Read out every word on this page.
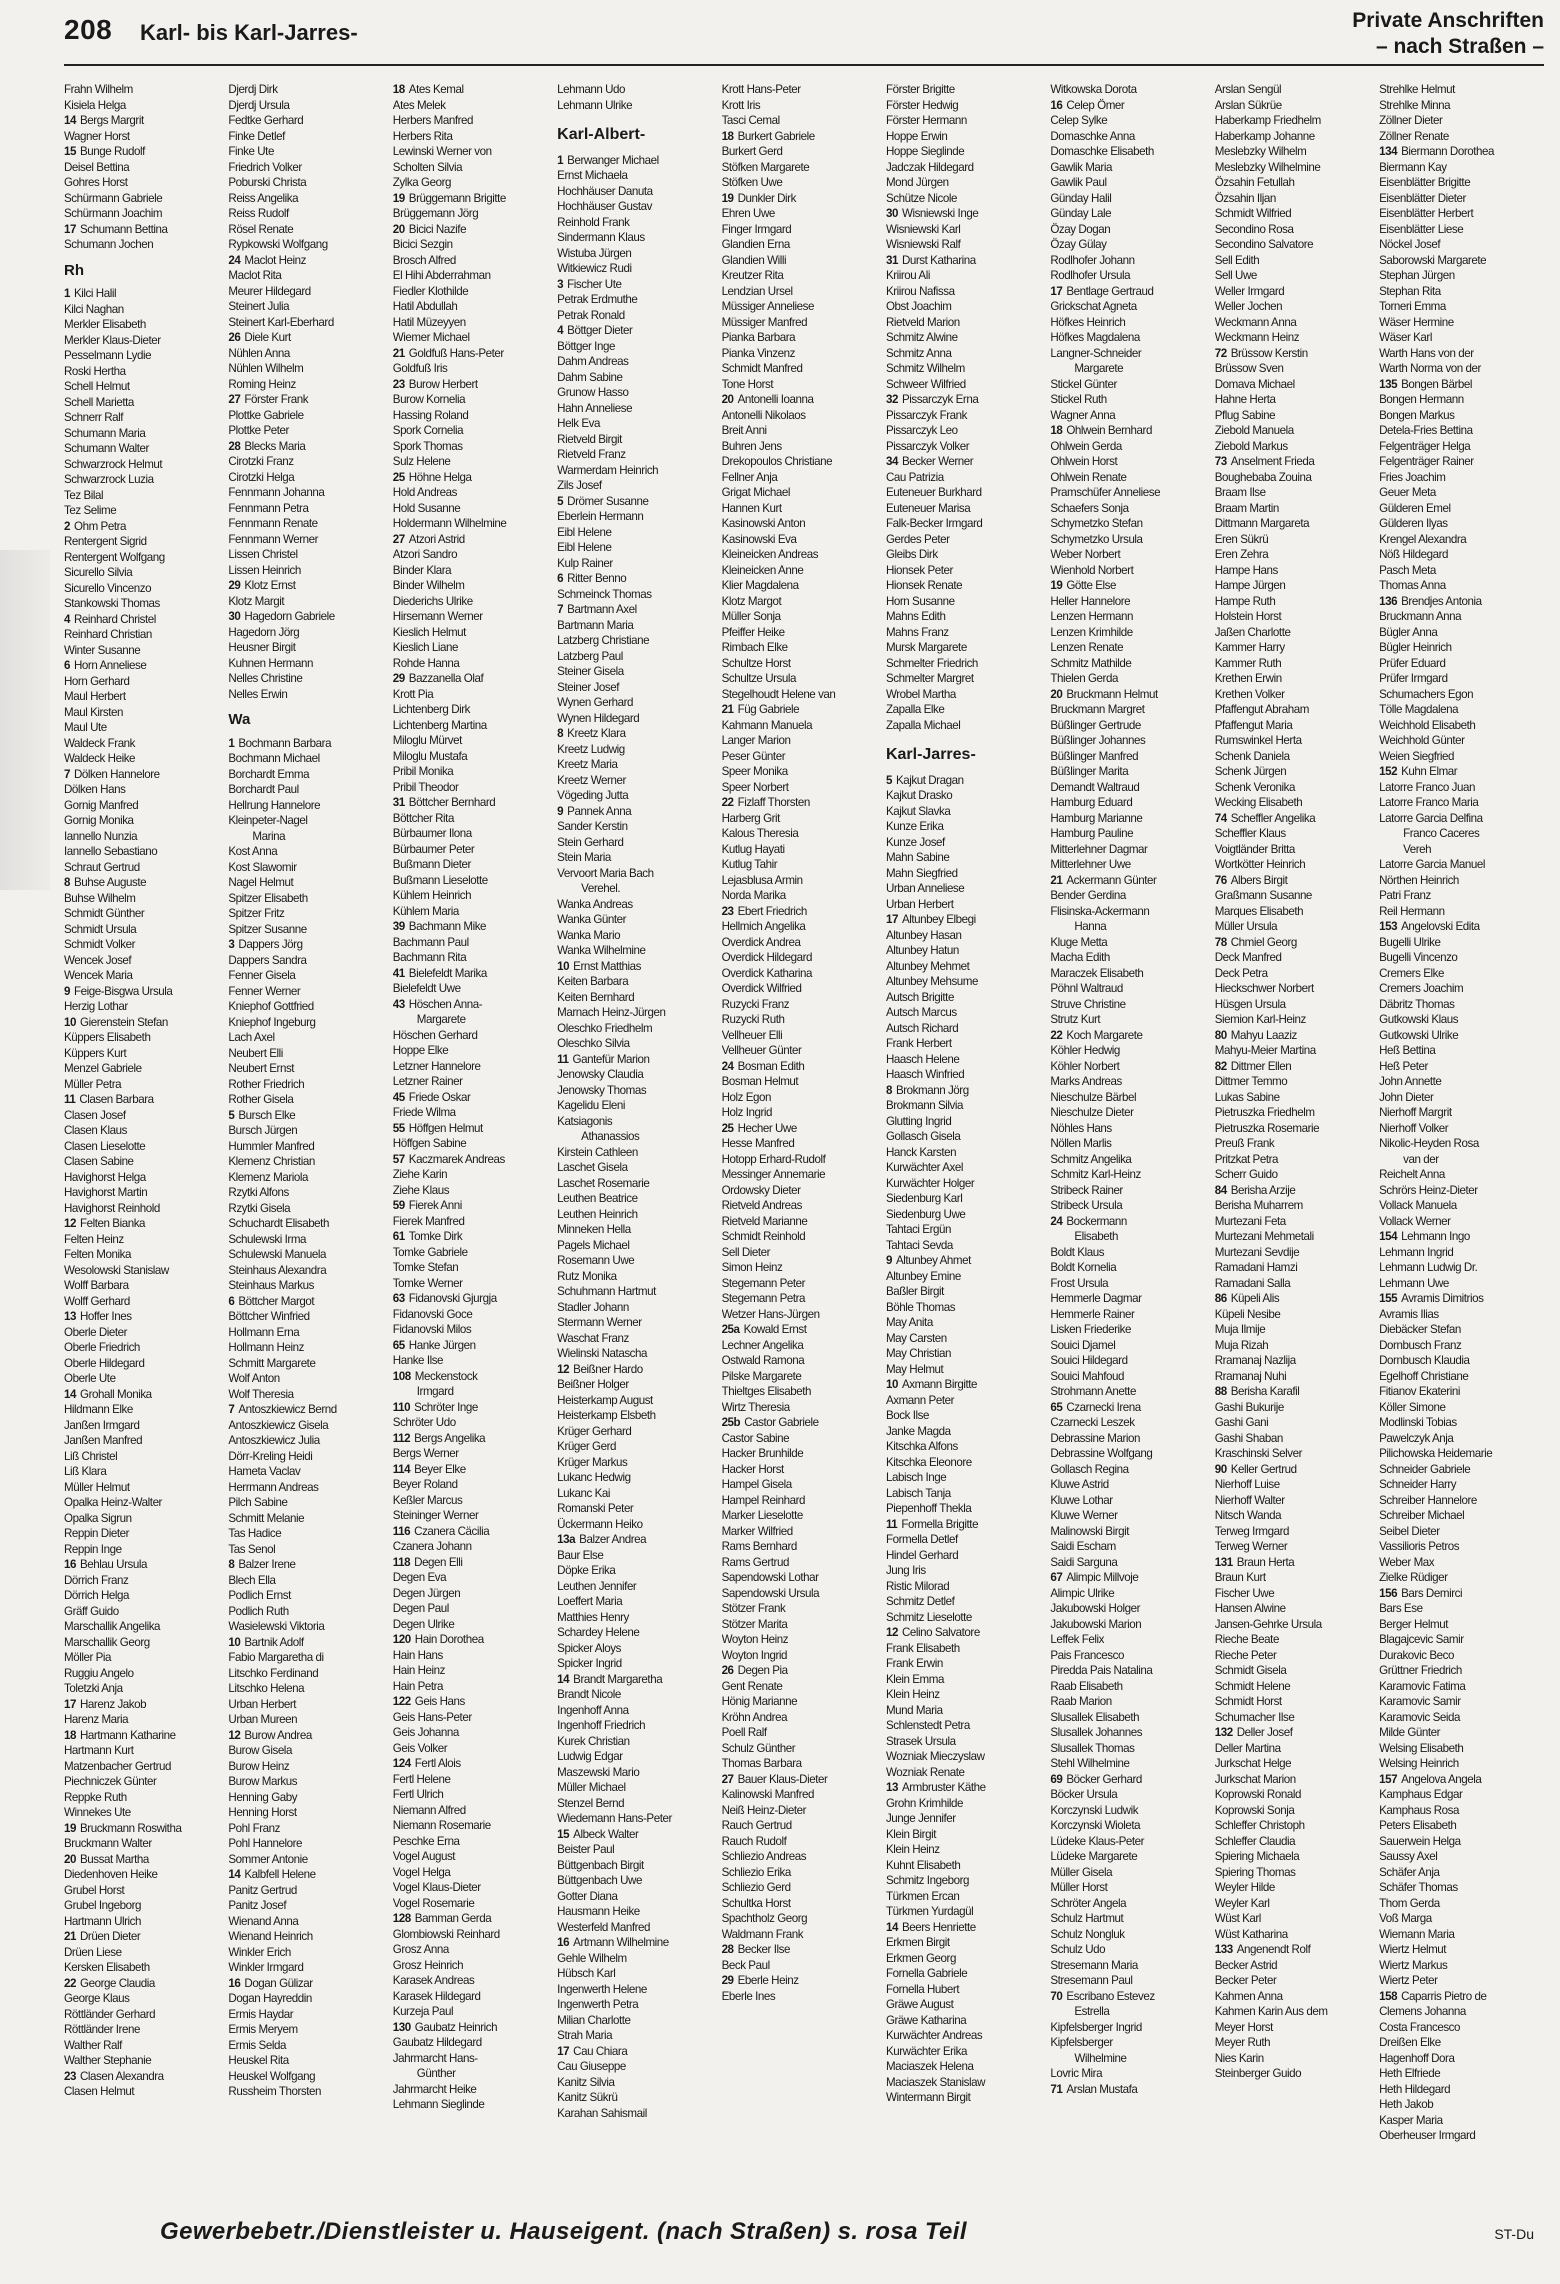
208 Karl- bis Karl-Jarres-	Private Anschriften
– nach Straßen –
Frahn Wilhelm
Kisiela Helga
14 Bergs Margrit
Wagner Horst
15 Bunge Rudolf
Deisel Bettina
Gohres Horst
Schürmann Gabriele
Schürmann Joachim
17 Schumann Bettina
Schumann Jochen
Rh
1 Kilci Halil
Kilci Naghan
Merkler Elisabeth
Merkler Klaus-Dieter
Pesselmann Lydie
Roski Hertha
Schell Helmut
Schell Marietta
Schnerr Ralf
Schumann Maria
Schumann Walter
Schwarzrock Helmut
Schwarzrock Luzia
Tez Bilal
Tez Selime
2 Ohm Petra
Rentergent Sigrid
Rentergent Wolfgang
Sicurello Silvia
Sicurello Vincenzo
Stankowski Thomas
4 Reinhard Christel
Reinhard Christian
Winter Susanne
6 Horn Anneliese
Horn Gerhard
Maul Herbert
Maul Kirsten
Maul Ute
Waldeck Frank
Waldeck Heike
7 Dölken Hannelore
Dölken Hans
Gornig Manfred
Gornig Monika
Iannello Nunzia
Iannello Sebastiano
Schraut Gertrud
8 Buhse Auguste
Buhse Wilhelm
Schmidt Günther
Schmidt Ursula
Schmidt Volker
Wencek Josef
Wencek Maria
9 Feige-Bisgwa Ursula
Herzig Lothar
10 Gierenstein Stefan
Küppers Elisabeth
Küppers Kurt
Menzel Gabriele
Müller Petra
11 Clasen Barbara
Clasen Josef
Clasen Klaus
Clasen Lieselotte
Clasen Sabine
Havighorst Helga
Havighorst Martin
Havighorst Reinhold
12 Felten Bianka
Felten Heinz
Felten Monika
Wesolowski Stanislaw
Wolff Barbara
Wolff Gerhard
13 Hoffer Ines
Oberle Dieter
Oberle Friedrich
Oberle Hildegard
Oberle Ute
14 Grohall Monika
Hildmann Elke
Janßen Irmgard
Janßen Manfred
Liß Christel
Liß Klara
Müller Helmut
Opalka Heinz-Walter
Opalka Sigrun
Reppin Dieter
Reppin Inge
16 Behlau Ursula
Dörrich Franz
Dörrich Helga
Gräff Guido
Marschallik Angelika
Marschallik Georg
Möller Pia
Ruggiu Angelo
Toletzki Anja
17 Harenz Jakob
Harenz Maria
18 Hartmann Katharine
Hartmann Kurt
Matzenbacher Gertrud
Piechniczek Günter
Reppke Ruth
Winnekes Ute
19 Bruckmann Roswitha
Bruckmann Walter
20 Bussat Martha
Diedenhoven Heike
Grubel Horst
Grubel Ingeborg
Hartmann Ulrich
21 Drüen Dieter
Drüen Liese
Kersken Elisabeth
22 George Claudia
George Klaus
Röttländer Gerhard
Röttländer Irene
Walther Ralf
Walther Stephanie
23 Clasen Alexandra
Clasen Helmut
Djerdj Dirk
Djerdj Ursula
Fedtke Gerhard
Finke Detlef
Finke Ute
Friedrich Volker
Poburski Christa
Reiss Angelika
Reiss Rudolf
Rösel Renate
Rypkowski Wolfgang
24 Maclot Heinz
Maclot Rita
Meurer Hildegard
Steinert Julia
Steinert Karl-Eberhard
26 Diele Kurt
Nühlen Anna
Nühlen Wilhelm
Roming Heinz
27 Förster Frank
Plottke Gabriele
Plottke Peter
28 Blecks Maria
Cirotzki Franz
Cirotzki Helga
Fennmann Johanna
Fennmann Petra
Fennmann Renate
Fennmann Werner
Lissen Christel
Lissen Heinrich
29 Klotz Ernst
Klotz Margit
30 Hagedorn Gabriele
Hagedorn Jörg
Heusner Birgit
Kuhnen Hermann
Nelles Christine
Nelles Erwin
Wa
1 Bochmann Barbara
Bochmann Michael
Borchardt Emma
Borchardt Paul
Hellrung Hannelore
Kleinpeter-Nagel
Marina
Kost Anna
Kost Slawomir
Nagel Helmut
Spitzer Elisabeth
Spitzer Fritz
Spitzer Susanne
3 Dappers Jörg
Dappers Sandra
Fenner Gisela
Fenner Werner
Kniephof Gottfried
Kniephof Ingeburg
Lach Axel
Neubert Elli
Neubert Ernst
Rother Friedrich
Rother Gisela
5 Bursch Elke
Bursch Jürgen
Hummler Manfred
Klemenz Christian
Klemenz Mariola
Rzytki Alfons
Rzytki Gisela
Schuchardt Elisabeth
Schulewski Irma
Schulewski Manuela
Steinhaus Alexandra
Steinhaus Markus
6 Böttcher Margot
Böttcher Winfried
Hollmann Erna
Hollmann Heinz
Schmitt Margarete
Wolf Anton
Wolf Theresia
7 Antoszkiewicz Bernd
Antoszkiewicz Gisela
Antoszkiewicz Julia
Dörr-Kreling Heidi
Hameta Vaclav
Herrmann Andreas
Pilch Sabine
Schmitt Melanie
Tas Hadice
Tas Senol
8 Balzer Irene
Blech Ella
Podlich Ernst
Podlich Ruth
Wasielewski Viktoria
10 Bartnik Adolf
Fabio Margaretha di
Litschko Ferdinand
Litschko Helena
Urban Herbert
Urban Mureen
12 Burow Andrea
Burow Gisela
Burow Heinz
Burow Markus
Henning Gaby
Henning Horst
Pohl Franz
Pohl Hannelore
Sommer Antonie
14 Kalbfell Helene
Panitz Gertrud
Panitz Josef
Wienand Anna
Wienand Heinrich
Winkler Erich
Winkler Irmgard
16 Dogan Gülizar
Dogan Hayreddin
Ermis Haydar
Ermis Meryem
Ermis Selda
Heuskel Rita
Heuskel Wolfgang
Russheim Thorsten
18 Ates Kemal
Ates Melek
Herbers Manfred
Herbers Rita
Lewinski Werner von
Scholten Silvia
Zylka Georg
19 Brüggemann Brigitte
Brüggemann Jörg
20 Bicici Nazife
Bicici Sezgin
Brosch Alfred
El Hihi Abderrahman
Fiedler Klothilde
Hatil Abdullah
Hatil Müzeyyen
Wiemer Michael
21 Goldfuß Hans-Peter
Goldfuß Iris
23 Burow Herbert
Burow Kornelia
Hassing Roland
Spork Cornelia
Spork Thomas
Sulz Helene
25 Höhne Helga
Hold Andreas
Hold Susanne
Holdermann Wilhelmine
27 Atzori Astrid
Atzori Sandro
Binder Klara
Binder Wilhelm
Diederichs Ulrike
Hirsemann Werner
Kieslich Helmut
Kieslich Liane
Rohde Hanna
29 Bazzanella Olaf
Krott Pia
Lichtenberg Dirk
Lichtenberg Martina
Miloglu Mürvet
Miloglu Mustafa
Pribil Monika
Pribil Theodor
31 Böttcher Bernhard
Böttcher Rita
Bürbaumer Ilona
Bürbaumer Peter
Bußmann Dieter
Bußmann Lieselotte
Kühlem Heinrich
Kühlem Maria
39 Bachmann Mike
Bachmann Paul
Bachmann Rita
41 Bielefeldt Marika
Bielefeldt Uwe
43 Höschen Anna-
Margarete
Höschen Gerhard
Hoppe Elke
Letzner Hannelore
Letzner Rainer
45 Friede Oskar
Friede Wilma
55 Höffgen Helmut
Höffgen Sabine
57 Kaczmarek Andreas
Ziehe Karin
Ziehe Klaus
59 Fierek Anni
Fierek Manfred
61 Tomke Dirk
Tomke Gabriele
Tomke Stefan
Tomke Werner
63 Fidanovski Gjurgja
Fidanovski Goce
Fidanovski Milos
65 Hanke Jürgen
Hanke Ilse
108 Meckenstock
Irmgard
110 Schröter Inge
Schröter Udo
112 Bergs Angelika
Bergs Werner
114 Beyer Elke
Beyer Roland
Keßler Marcus
Steininger Werner
116 Czanera Cäcilia
Czanera Johann
118 Degen Elli
Degen Eva
Degen Jürgen
Degen Paul
Degen Ulrike
120 Hain Dorothea
Hain Hans
Hain Heinz
Hain Petra
122 Geis Hans
Geis Hans-Peter
Geis Johanna
Geis Volker
124 Fertl Alois
Fertl Helene
Fertl Ulrich
Niemann Alfred
Niemann Rosemarie
Peschke Erna
Vogel August
Vogel Helga
Vogel Klaus-Dieter
Vogel Rosemarie
128 Bamman Gerda
Glombiowski Reinhard
Grosz Anna
Grosz Heinrich
Karasek Andreas
Karasek Hildegard
Kurzeja Paul
130 Gaubatz Heinrich
Gaubatz Hildegard
Jahrmarcht Hans-
Günther
Jahrmarcht Heike
Lehmann Sieglinde
Lehmann Udo
Lehmann Ulrike
Karl-Albert-
1 Berwanger Michael
Ernst Michaela
Hochhäuser Danuta
Hochhäuser Gustav
Reinhold Frank
Sindermann Klaus
Wistuba Jürgen
Witkiewicz Rudi
3 Fischer Ute
Petrak Erdmuthe
Petrak Ronald
4 Böttger Dieter
Böttger Inge
Dahm Andreas
Dahm Sabine
Grunow Hasso
Hahn Anneliese
Helk Eva
Rietveld Birgit
Rietveld Franz
Warmerdam Heinrich
Zils Josef
5 Drömer Susanne
Eberlein Hermann
Eibl Helene
Eibl Helene
Kulp Rainer
6 Ritter Benno
Schmeinck Thomas
7 Bartmann Axel
Bartmann Maria
Latzberg Christiane
Latzberg Paul
Steiner Gisela
Steiner Josef
Wynen Gerhard
Wynen Hildegard
8 Kreetz Klara
Kreetz Ludwig
Kreetz Maria
Kreetz Werner
Vögeding Jutta
9 Pannek Anna
Sander Kerstin
Stein Gerhard
Stein Maria
Vervoort Maria Bach
Verehel.
Wanka Andreas
Wanka Günter
Wanka Mario
Wanka Wilhelmine
10 Ernst Matthias
Keiten Barbara
Keiten Bernhard
Marnach Heinz-Jürgen
Oleschko Friedhelm
Oleschko Silvia
11 Gantefür Marion
Jenowsky Claudia
Jenowsky Thomas
Kagelidu Eleni
Katsiagonis
Athanassios
Kirstein Cathleen
Laschet Gisela
Laschet Rosemarie
Leuthen Beatrice
Leuthen Heinrich
Minneken Hella
Pagels Michael
Rosemann Uwe
Rutz Monika
Schuhmann Hartmut
Stadler Johann
Stermann Werner
Waschat Franz
Wielinski Natascha
12 Beißner Hardo
Beißner Holger
Heisterkamp August
Heisterkamp Elsbeth
Krüger Gerhard
Krüger Gerd
Krüger Markus
Lukanc Hedwig
Lukanc Kai
Romanski Peter
Ückermann Heiko
13a Balzer Andrea
Baur Else
Döpke Erika
Leuthen Jennifer
Loeffert Maria
Matthies Henry
Schardey Helene
Spicker Aloys
Spicker Ingrid
14 Brandt Margaretha
Brandt Nicole
Ingenhoff Anna
Ingenhoff Friedrich
Kurek Christian
Ludwig Edgar
Maszewski Mario
Müller Michael
Stenzel Bernd
Wiedemann Hans-Peter
15 Albeck Walter
Beister Paul
Büttgenbach Birgit
Büttgenbach Uwe
Gotter Diana
Hausmann Heike
Westerfeld Manfred
16 Artmann Wilhelmine
Gehle Wilhelm
Hübsch Karl
Ingenwerth Helene
Ingenwerth Petra
Milian Charlotte
Strah Maria
17 Cau Chiara
Cau Giuseppe
Kanitz Silvia
Kanitz Sükrü
Karahan Sahismail
Krott Hans-Peter
Krott Iris
Tasci Cemal
18 Burkert Gabriele
Burkert Gerd
Stöfken Margarete
Stöfken Uwe
19 Dunkler Dirk
Ehren Uwe
Finger Irmgard
Glandien Erna
Glandien Willi
Kreutzer Rita
Lendzian Ursel
Müssiger Anneliese
Müssiger Manfred
Pianka Barbara
Pianka Vinzenz
Schmidt Manfred
Tone Horst
20 Antonelli Ioanna
Antonelli Nikolaos
Breit Anni
Buhren Jens
Drekopoulos Christiane
Fellner Anja
Grigat Michael
Hannen Kurt
Kasinowski Anton
Kasinowski Eva
Kleineicken Andreas
Kleineicken Anne
Klier Magdalena
Klotz Margot
Müller Sonja
Pfeiffer Heike
Rimbach Elke
Schultze Horst
Schultze Ursula
Stegelhoudt Helene van
21 Füg Gabriele
Kahmann Manuela
Langer Marion
Peser Günter
Speer Monika
Speer Norbert
22 Fizlaff Thorsten
Harberg Grit
Kalous Theresia
Kutlug Hayati
Kutlug Tahir
Lejasblusa Armin
Norda Marika
23 Ebert Friedrich
Hellmich Angelika
Overdick Andrea
Overdick Hildegard
Overdick Katharina
Overdick Wilfried
Ruzycki Franz
Ruzycki Ruth
Vellheuer Elli
Vellheuer Günter
24 Bosman Edith
Bosman Helmut
Holz Egon
Holz Ingrid
25 Hecher Uwe
Hesse Manfred
Hotopp Erhard-Rudolf
Messinger Annemarie
Ordowsky Dieter
Rietveld Andreas
Rietveld Marianne
Schmidt Reinhold
Sell Dieter
Simon Heinz
Stegemann Peter
Stegemann Petra
Wetzer Hans-Jürgen
25a Kowald Ernst
Lechner Angelika
Ostwald Ramona
Pilske Margarete
Thieltges Elisabeth
Wirtz Theresia
25b Castor Gabriele
Castor Sabine
Hacker Brunhilde
Hacker Horst
Hampel Gisela
Hampel Reinhard
Marker Lieselotte
Marker Wilfried
Rams Bernhard
Rams Gertrud
Sapendowski Lothar
Sapendowski Ursula
Stötzer Frank
Stötzer Marita
Woyton Heinz
Woyton Ingrid
26 Degen Pia
Gent Renate
Hönig Marianne
Kröhn Andrea
Poell Ralf
Schulz Günther
Thomas Barbara
27 Bauer Klaus-Dieter
Kalinowski Manfred
Neiß Heinz-Dieter
Rauch Gertrud
Rauch Rudolf
Schliezio Andreas
Schliezio Erika
Schliezio Gerd
Schultka Horst
Spachtholz Georg
Waldmann Frank
28 Becker Ilse
Beck Paul
29 Eberle Heinz
Eberle Ines
Förster Brigitte
Förster Hedwig
Förster Hermann
Hoppe Erwin
Hoppe Sieglinde
Jadczak Hildegard
Mond Jürgen
Schütze Nicole
30 Wisniewski Inge
Wisniewski Karl
Wisniewski Ralf
31 Durst Katharina
Kriirou Ali
Kriirou Nafissa
Obst Joachim
Rietveld Marion
Schmitz Alwine
Schmitz Anna
Schmitz Wilhelm
Schweer Wilfried
32 Pissarczyk Erna
Pissarczyk Frank
Pissarczyk Leo
Pissarczyk Volker
34 Becker Werner
Cau Patrizia
Euteneuer Burkhard
Euteneuer Marisa
Falk-Becker Irmgard
Gerdes Peter
Gleibs Dirk
Hionsek Peter
Hionsek Renate
Horn Susanne
Mahns Edith
Mahns Franz
Mursk Margarete
Schmelter Friedrich
Schmelter Margret
Wrobel Martha
Zapalla Elke
Zapalla Michael
Karl-Jarres-
5 Kajkut Dragan
Kajkut Drasko
Kajkut Slavka
Kunze Erika
Kunze Josef
Mahn Sabine
Mahn Siegfried
Urban Anneliese
Urban Herbert
17 Altunbey Elbegi
Altunbey Hasan
Altunbey Hatun
Altunbey Mehmet
Altunbey Mehsume
Autsch Brigitte
Autsch Marcus
Autsch Richard
Frank Herbert
Haasch Helene
Haasch Winfried
8 Brokmann Jörg
Brokmann Silvia
Glutting Ingrid
Gollasch Gisela
Hanck Karsten
Kurwächter Axel
Kurwächter Holger
Siedenburg Karl
Siedenburg Uwe
Tahtaci Ergün
Tahtaci Sevda
9 Altunbey Ahmet
Altunbey Emine
Baßler Birgit
Böhle Thomas
May Anita
May Carsten
May Christian
May Helmut
10 Axmann Birgitte
Axmann Peter
Bock Ilse
Janke Magda
Kitschka Alfons
Kitschka Eleonore
Labisch Inge
Labisch Tanja
Piepenhoff Thekla
11 Formella Brigitte
Formella Detlef
Hindel Gerhard
Jung Iris
Ristic Milorad
Schmitz Detlef
Schmitz Lieselotte
12 Celino Salvatore
Frank Elisabeth
Frank Erwin
Klein Emma
Klein Heinz
Mund Maria
Schlenstedt Petra
Strasek Ursula
Wozniak Mieczyslaw
Wozniak Renate
13 Armbruster Käthe
Grohn Krimhilde
Junge Jennifer
Klein Birgit
Klein Heinz
Kuhnt Elisabeth
Schmitz Ingeborg
Türkmen Ercan
Türkmen Yurdagül
14 Beers Henriette
Erkmen Birgit
Erkmen Georg
Fornella Gabriele
Fornella Hubert
Gräwe August
Gräwe Katharina
Kurwächter Andreas
Kurwächter Erika
Maciaszek Helena
Maciaszek Stanislaw
Wintermann Birgit
Witkowska Dorota
16 Celep Ömer
Celep Sylke
Domaschke Anna
Domaschke Elisabeth
Gawlik Maria
Gawlik Paul
Günday Halil
Günday Lale
Özay Dogan
Özay Gülay
Rodlhofer Johann
Rodlhofer Ursula
17 Bentlage Gertraud
Grickschat Agneta
Höfkes Heinrich
Höfkes Magdalena
Langner-Schneider
Margarete
Stickel Günter
Stickel Ruth
Wagner Anna
18 Ohlwein Bernhard
Ohlwein Gerda
Ohlwein Horst
Ohlwein Renate
Pramschüfer Anneliese
Schaefers Sonja
Schymetzko Stefan
Schymetzko Ursula
Weber Norbert
Wienhold Norbert
19 Götte Else
Heller Hannelore
Lenzen Hermann
Lenzen Krimhilde
Lenzen Renate
Schmitz Mathilde
Thielen Gerda
20 Bruckmann Helmut
Bruckmann Margret
Büßlinger Gertrude
Büßlinger Johannes
Büßlinger Manfred
Büßlinger Marita
Demandt Waltraud
Hamburg Eduard
Hamburg Marianne
Hamburg Pauline
Mitterlehner Dagmar
Mitterlehner Uwe
21 Ackermann Günter
Bender Gerdina
Flisinska-Ackermann
Hanna
Kluge Metta
Macha Edith
Maraczek Elisabeth
Pöhnl Waltraud
Struve Christine
Strutz Kurt
22 Koch Margarete
Köhler Hedwig
Köhler Norbert
Marks Andreas
Nieschulze Bärbel
Nieschulze Dieter
Nöhles Hans
Nöllen Marlis
Schmitz Angelika
Schmitz Karl-Heinz
Stribeck Rainer
Stribeck Ursula
24 Bockermann
Elisabeth
Boldt Klaus
Boldt Kornelia
Frost Ursula
Hemmerle Dagmar
Hemmerle Rainer
Lisken Friederike
Souici Djamel
Souici Hildegard
Souici Mahfoud
Strohmann Anette
65 Czarnecki Irena
Czarnecki Leszek
Debrassine Marion
Debrassine Wolfgang
Gollasch Regina
Kluwe Astrid
Kluwe Lothar
Kluwe Werner
Malinowski Birgit
Saidi Escham
Saidi Sarguna
67 Alimpic Millvoje
Alimpic Ulrike
Jakubowski Holger
Jakubowski Marion
Leffek Felix
Pais Francesco
Piredda Pais Natalina
Raab Elisabeth
Raab Marion
Slusallek Elisabeth
Slusallek Johannes
Slusallek Thomas
Stehl Wilhelmine
69 Böcker Gerhard
Böcker Ursula
Korczynski Ludwik
Korczynski Wioleta
Lüdeke Klaus-Peter
Lüdeke Margarete
Müller Gisela
Müller Horst
Schröter Angela
Schulz Hartmut
Schulz Nongluk
Schulz Udo
Stresemann Maria
Stresemann Paul
70 Escribano Estevez
Estrella
Kipfelsberger Ingrid
Kipfelsberger
Wilhelmine
Lovric Mira
71 Arslan Mustafa
Arslan Sengül
Arslan Sükrüe
Haberkamp Friedhelm
Haberkamp Johanne
Meslebzky Wilhelm
Meslebzky Wilhelmine
Özsahin Fetullah
Özsahin Iljan
Schmidt Wilfried
Secondino Rosa
Secondino Salvatore
Sell Edith
Sell Uwe
Weller Irmgard
Weller Jochen
Weckmann Anna
Weckmann Heinz
72 Brüssow Kerstin
Brüssow Sven
Domava Michael
Hahne Herta
Pflug Sabine
Ziebold Manuela
Ziebold Markus
73 Anselment Frieda
Boughebaba Zouina
Braam Ilse
Braam Martin
Dittmann Margareta
Eren Sükrü
Eren Zehra
Hampe Hans
Hampe Jürgen
Hampe Ruth
Holstein Horst
Jaßen Charlotte
Kammer Harry
Kammer Ruth
Krethen Erwin
Krethen Volker
Pfaffengut Abraham
Pfaffengut Maria
Rumswinkel Herta
Schenk Daniela
Schenk Jürgen
Schenk Veronika
Wecking Elisabeth
74 Scheffler Angelika
Scheffler Klaus
Voigtländer Britta
Wortkötter Heinrich
76 Albers Birgit
Graßmann Susanne
Marques Elisabeth
Müller Ursula
78 Chmiel Georg
Deck Manfred
Deck Petra
Hieckschwer Norbert
Hüsgen Ursula
Siemion Karl-Heinz
80 Mahyu Laaziz
Mahyu-Meier Martina
82 Dittmer Ellen
Dittmer Temmo
Lukas Sabine
Pietruszka Friedhelm
Pietruszka Rosemarie
Preuß Frank
Pritzkat Petra
Scherr Guido
84 Berisha Arzije
Berisha Muharrem
Murtezani Feta
Murtezani Mehmetali
Murtezani Sevdije
Ramadani Hamzi
Ramadani Salla
86 Küpeli Alis
Küpeli Nesibe
Muja Ilmije
Muja Rizah
Rramanaj Nazlija
Rramanaj Nuhi
88 Berisha Karafil
Gashi Bukurije
Gashi Gani
Gashi Shaban
Kraschinski Selver
90 Keller Gertrud
Nierhoff Luise
Nierhoff Walter
Nitsch Wanda
Terweg Irmgard
Terweg Werner
131 Braun Herta
Braun Kurt
Fischer Uwe
Hansen Alwine
Jansen-Gehrke Ursula
Rieche Beate
Rieche Peter
Schmidt Gisela
Schmidt Helene
Schmidt Horst
Schumacher Ilse
132 Deller Josef
Deller Martina
Jurkschat Helge
Jurkschat Marion
Koprowski Ronald
Koprowski Sonja
Schleffer Christoph
Schleffer Claudia
Spiering Michaela
Spiering Thomas
Weyler Hilde
Weyler Karl
Wüst Karl
Wüst Katharina
133 Angenendt Rolf
Becker Astrid
Becker Peter
Kahmen Anna
Kahmen Karin Aus dem
Meyer Horst
Meyer Ruth
Nies Karin
Steinberger Guido
Strehlke Helmut
Strehlke Minna
Zöllner Dieter
Zöllner Renate
134 Biermann Dorothea
Biermann Kay
Eisenblätter Brigitte
Eisenblätter Dieter
Eisenblätter Herbert
Eisenblätter Liese
Nöckel Josef
Saborowski Margarete
Stephan Jürgen
Stephan Rita
Torneri Emma
Wäser Hermine
Wäser Karl
Warth Hans von der
Warth Norma von der
135 Bongen Bärbel
Bongen Hermann
Bongen Markus
Detela-Fries Bettina
Felgenträger Helga
Felgenträger Rainer
Fries Joachim
Geuer Meta
Gülderen Emel
Gülderen Ilyas
Krengel Alexandra
Nöß Hildegard
Pasch Meta
Thomas Anna
136 Brendjes Antonia
Bruckmann Anna
Bügler Anna
Bügler Heinrich
Prüfer Eduard
Prüfer Irmgard
Schumachers Egon
Tölle Magdalena
Weichhold Elisabeth
Weichhold Günter
Weien Siegfried
152 Kuhn Elmar
Latorre Franco Juan
Latorre Franco Maria
Latorre Garcia Delfina
Franco Caceres
Vereh
Latorre Garcia Manuel
Nörthen Heinrich
Patri Franz
Reil Hermann
153 Angelovski Edita
Bugelli Ulrike
Bugelli Vincenzo
Cremers Elke
Cremers Joachim
Däbritz Thomas
Gutkowski Klaus
Gutkowski Ulrike
Heß Bettina
Heß Peter
John Annette
John Dieter
Nierhoff Margrit
Nierhoff Volker
Nikolic-Heyden Rosa
van der
Reichelt Anna
Schrörs Heinz-Dieter
Vollack Manuela
Vollack Werner
154 Lehmann Ingo
Lehmann Ingrid
Lehmann Ludwig Dr.
Lehmann Uwe
155 Avramis Dimitrios
Avramis Ilias
Diebäcker Stefan
Dornbusch Franz
Dornbusch Klaudia
Egelhoff Christiane
Fitianov Ekaterini
Köller Simone
Modlinski Tobias
Pawelczyk Anja
Pilichowska Heidemarie
Schneider Gabriele
Schneider Harry
Schreiber Hannelore
Schreiber Michael
Seibel Dieter
Vassilioris Petros
Weber Max
Zielke Rüdiger
156 Bars Demirci
Bars Ese
Berger Helmut
Blagajcevic Samir
Durakovic Beco
Grüttner Friedrich
Karamovic Fatima
Karamovic Samir
Karamovic Seida
Milde Günter
Welsing Elisabeth
Welsing Heinrich
157 Angelova Angela
Kamphaus Edgar
Kamphaus Rosa
Peters Elisabeth
Sauerwein Helga
Saussy Axel
Schäfer Anja
Schäfer Thomas
Thom Gerda
Voß Marga
Wiemann Maria
Wiertz Helmut
Wiertz Markus
Wiertz Peter
158 Caparris Pietro de
Clemens Johanna
Costa Francesco
Dreißen Elke
Hagenhoff Dora
Heth Elfriede
Heth Hildegard
Heth Jakob
Kasper Maria
Oberheuser Irmgard
Gewerbebetr./Dienstleister u. Hauseigent. (nach Straßen) s. rosa Teil	ST-Du
